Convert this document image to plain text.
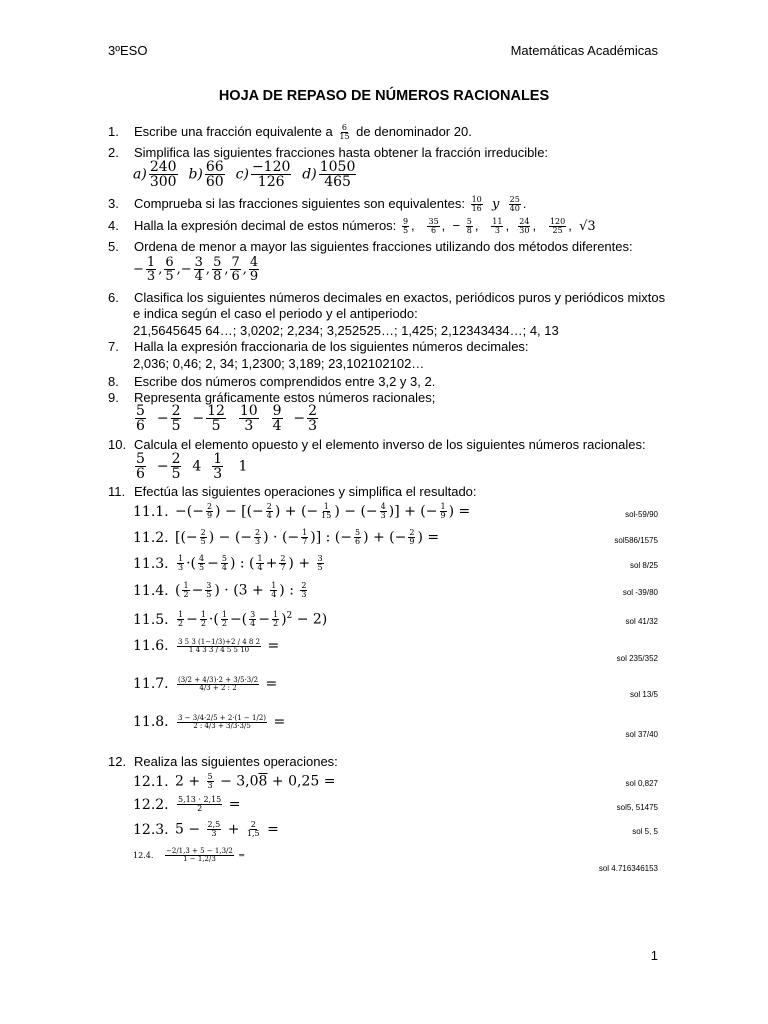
3ºESO	Matemáticas Académicas
HOJA DE REPASO DE NÚMEROS RACIONALES
1. Escribe una fracción equivalente a $\frac{6}{15}$ de denominador 20.
2. Simplifica las siguientes fracciones hasta obtener la fracción irreducible:
$a) \frac{240}{300} b) \frac{66}{60} c) \frac{-120}{126} d) \frac{1050}{465}$
3. Comprueba si las fracciones siguientes son equivalentes: $\frac{10}{16}$ y $\frac{25}{40}$ .
4. Halla la expresión decimal de estos números: $\frac{9}{5}$ , $\frac{35}{6}$ ,  − $\frac{5}{8}$ , $\frac{11}{3}$ , $\frac{24}{30}$ , $\frac{120}{25}$ ,  √3
5. Ordena de menor a mayor las siguientes fracciones utilizando dos métodos diferentes:
− $\frac{1}{3}$ , $\frac{6}{5}$ ,− $\frac{3}{4}$ , $\frac{5}{8}$ , $\frac{7}{6}$ , $\frac{4}{9}$
6. Clasifica los siguientes números decimales en exactos, periódicos puros y periódicos mixtos
e indica según el caso el periodo y el antiperiodo:
21,5645645 64…; 3,0202; 2,234; 3,252525…; 1,425; 2,12343434…; 4, 13
7. Halla la expresión fraccionaria de los siguientes números decimales:
2,036; 0,46; 2, 34; 1,2300; 3,189; 23,102102102…
8. Escribe dos números comprendidos entre 3,2 y 3, 2.
9. Representa gráficamente estos números racionales;
$\frac{5}{6} - \frac{2}{5} - \frac{12}{5}$
$\frac{10}{3}$
$\frac{9}{4} - \frac{2}{3}$
10. Calcula el elemento opuesto y el elemento inverso de los siguientes números racionales:
$\frac{5}{6} - \frac{2}{5} 4 \frac{1}{3} 1$
11. Efectúa las siguientes operaciones y simplifica el resultado:
11.1. −(− $\frac{2}{9}$ ) − [(− $\frac{2}{4}$ ) + (− $\frac{1}{15}$ ) − (− $\frac{4}{3}$ )] + (− $\frac{1}{9}$ ) =	sol-59/90
11.2. [(− $\frac{2}{5}$ ) − (− $\frac{2}{3}$ ) · (− $\frac{1}{7}$ )] : (− $\frac{5}{6}$ ) + (− $\frac{2}{9}$ ) =	sol586/1575
11.3. $\frac{1}{3}$ ·( $\frac{4}{5} - \frac{5}{4}$ ) : ( $\frac{1}{4} + \frac{2}{7}$ ) + $\frac{3}{5}$	sol 8/25
11.4. ( $\frac{1}{2} - \frac{3}{5}$ ) · ($3 + \frac{1}{4}$ ) : $\frac{2}{3}$	sol -39/80
11.5. $\frac{1}{2} - \frac{1}{2}$ ·( $\frac{1}{2}$ −( $\frac{3}{4} - \frac{1}{2} )^2 - 2$)	sol 41/32
11.6. $\frac{3 5 3 (1-1/3)+2 / 4 8 2}{1 4 3 3 / 4 5 5 10}$ =
sol 235/352
11.7. $\frac{(3/2 + 4/3)\cdot 2 + 3/5\cdot 3/2}{4/3 + 2 : 2}$ =
sol 13/5
11.8. $\frac{3 - 3/4\cdot 2/5 + 2\cdot(1 - 1/2)}{2 : 4/3 + 3/3\cdot 3/5}$ =
sol 37/40
12. Realiza las siguientes operaciones:
12.1. $2 + \frac{5}{3} - 3,08 + 0,25$ =	sol 0,827
12.2. $\frac{5,13 \cdot 2,15}{2}$ =	sol5, 51475
12.3. $5 - \frac{2,5}{3} + \frac{2}{1,5}$ =	sol 5, 5
12.4. $\frac{-2/1,3 + 5 - 1,3/2}{1 - 1,2/3}$ =
sol 4.716346153
1
